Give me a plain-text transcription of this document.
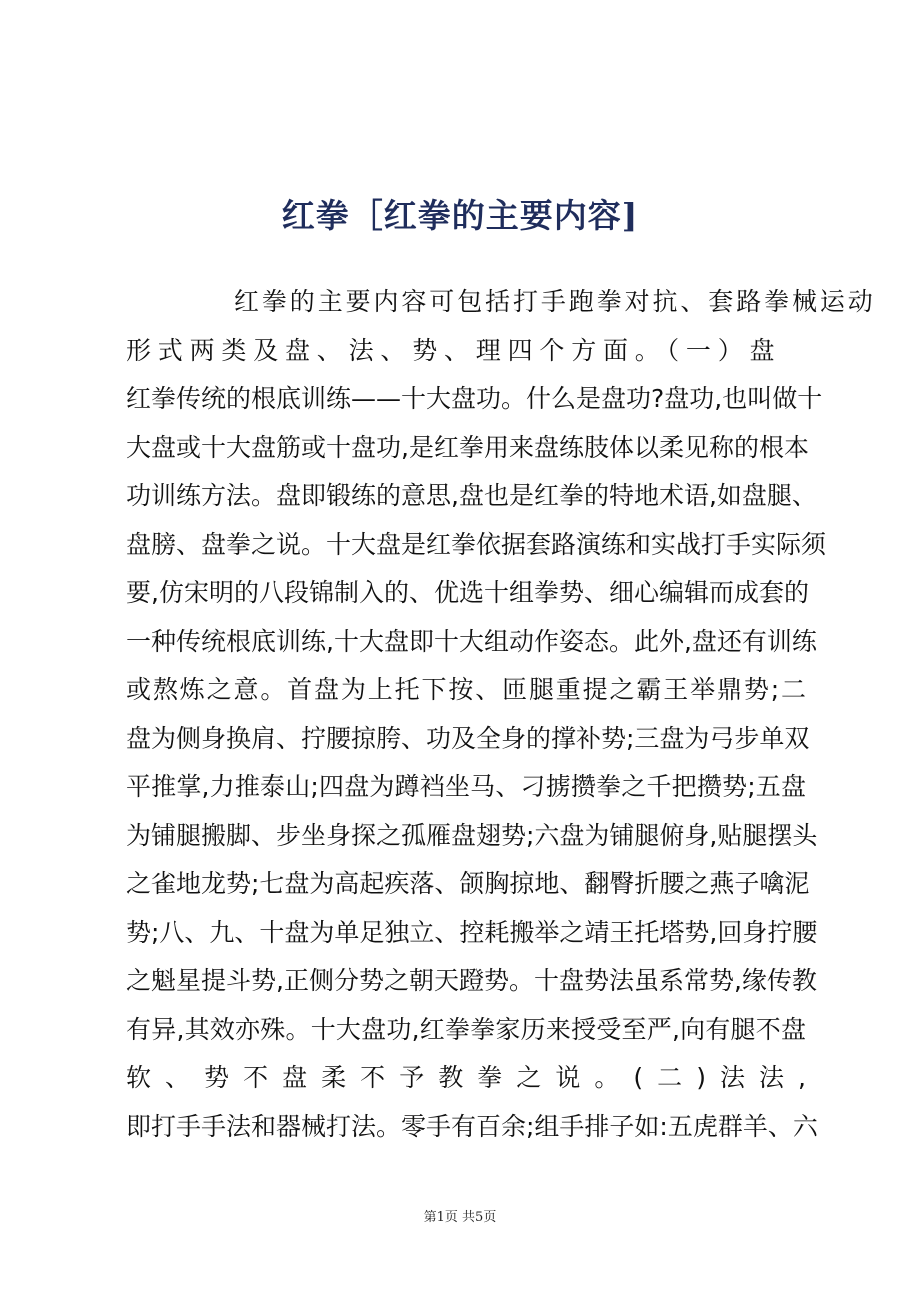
红拳［红拳的主要内容]
红拳的主要内容可包括打手跑拳对抗、套路拳械运动
形式两类及盘、法、势、理四个方面。（一）盘
红拳传统的根底训练——十大盘功。什么是盘功?盘功,也叫做十
大盘或十大盘筋或十盘功,是红拳用来盘练肢体以柔见称的根本
功训练方法。盘即锻练的意思,盘也是红拳的特地术语,如盘腿、
盘膀、盘拳之说。十大盘是红拳依据套路演练和实战打手实际须
要,仿宋明的八段锦制入的、优选十组拳势、细心编辑而成套的
一种传统根底训练,十大盘即十大组动作姿态。此外,盘还有训练
或熬炼之意。首盘为上托下按、匝腿重提之霸王举鼎势;二
盘为侧身换肩、拧腰掠胯、功及全身的撑补势;三盘为弓步单双
平推掌,力推泰山;四盘为蹲裆坐马、刁掳攒拳之千把攒势;五盘
为铺腿搬脚、步坐身探之孤雁盘翅势;六盘为铺腿俯身,贴腿摆头
之雀地龙势;七盘为高起疾落、颌胸掠地、翻臀折腰之燕子噙泥
势;八、九、十盘为单足独立、控耗搬举之靖王托塔势,回身拧腰
之魁星提斗势,正侧分势之朝天蹬势。十盘势法虽系常势,缘传教
有异,其效亦殊。十大盘功,红拳拳家历来授受至严,向有腿不盘
软、势不盘柔不予教拳之说。(二)法法,
即打手手法和器械打法。零手有百余;组手排子如:五虎群羊、六
第1页 共5页
